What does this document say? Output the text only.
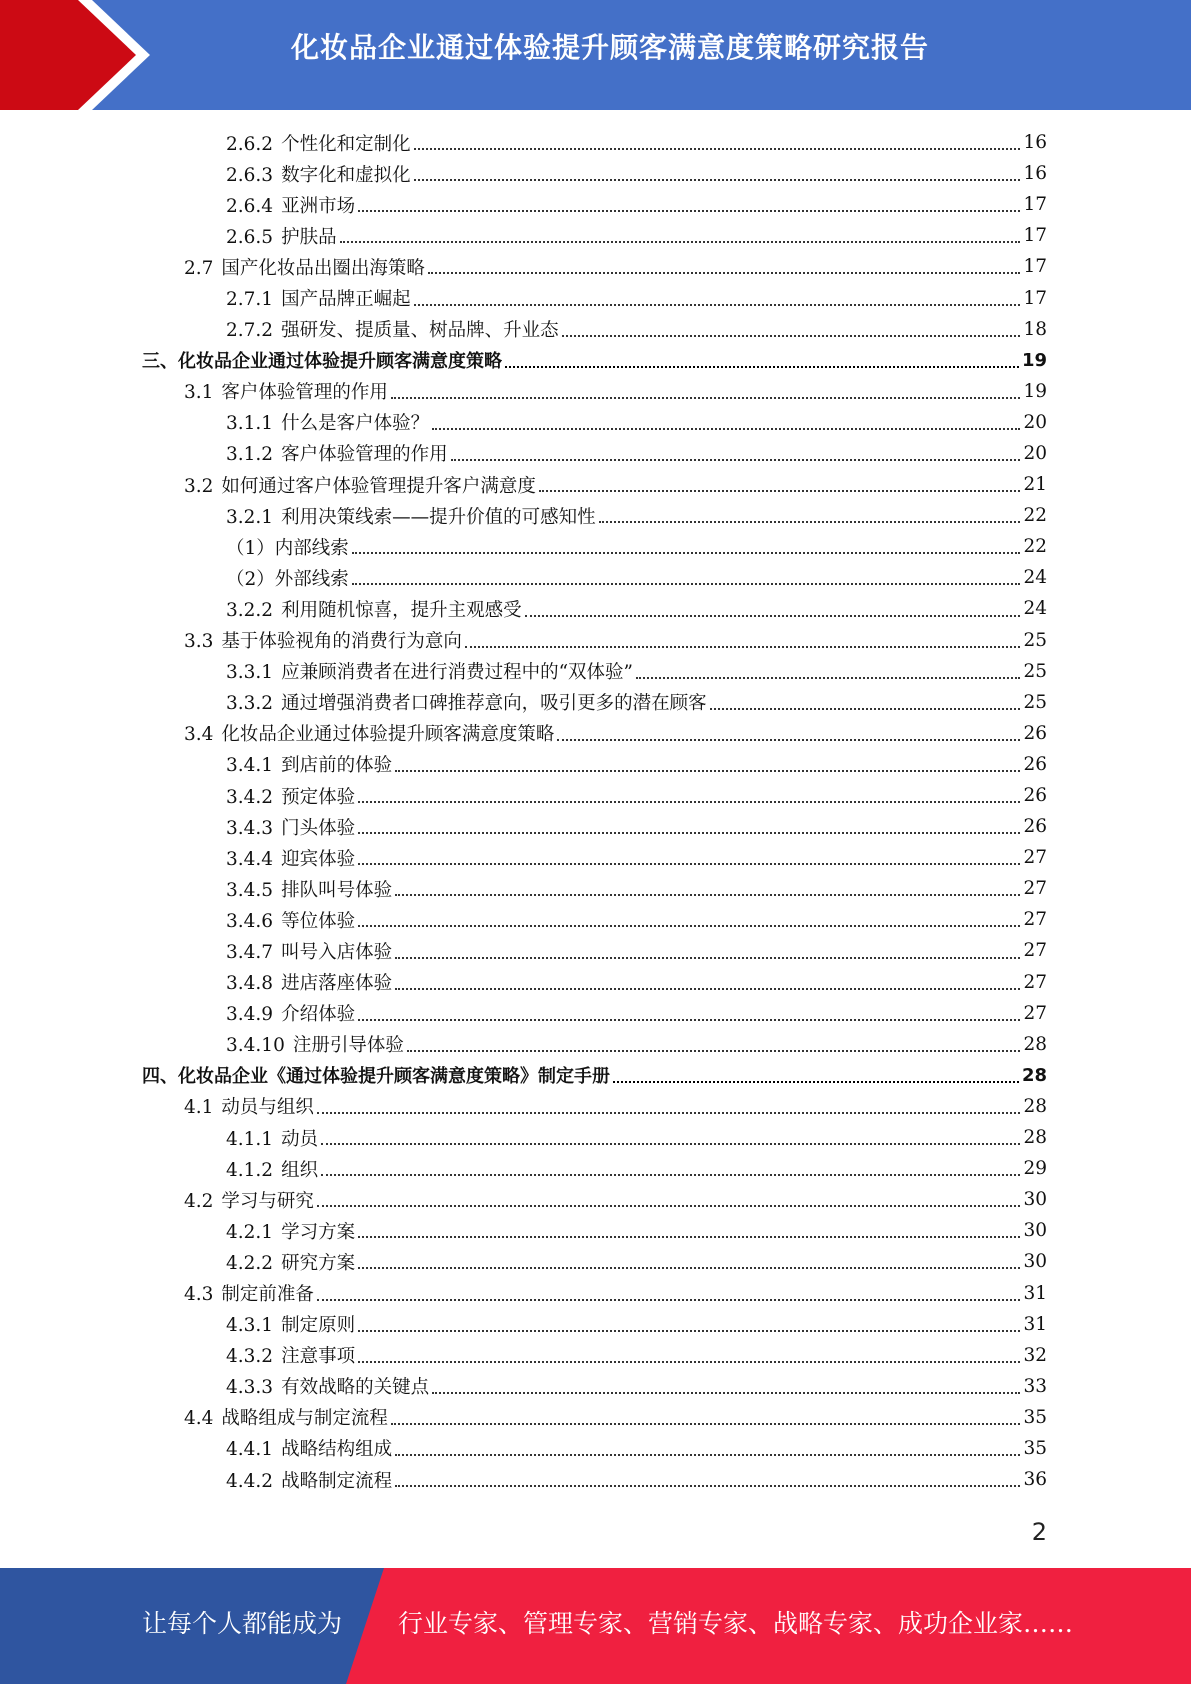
化妆品企业通过体验提升顾客满意度策略研究报告
2.6.2 个性化和定制化	16
2.6.3 数字化和虚拟化	16
2.6.4 亚洲市场	17
2.6.5 护肤品	17
2.7 国产化妆品出圈出海策略	17
2.7.1 国产品牌正崛起	17
2.7.2 强研发、提质量、树品牌、升业态	18
三、化妆品企业通过体验提升顾客满意度策略	19
3.1 客户体验管理的作用	19
3.1.1 什么是客户体验？	20
3.1.2 客户体验管理的作用	20
3.2 如何通过客户体验管理提升客户满意度	21
3.2.1 利用决策线索——提升价值的可感知性	22
（1）内部线索	22
（2）外部线索	24
3.2.2 利用随机惊喜，提升主观感受	24
3.3 基于体验视角的消费行为意向	25
3.3.1 应兼顾消费者在进行消费过程中的“双体验”	25
3.3.2 通过增强消费者口碑推荐意向，吸引更多的潜在顾客	25
3.4 化妆品企业通过体验提升顾客满意度策略	26
3.4.1 到店前的体验	26
3.4.2 预定体验	26
3.4.3 门头体验	26
3.4.4 迎宾体验	27
3.4.5 排队叫号体验	27
3.4.6 等位体验	27
3.4.7 叫号入店体验	27
3.4.8 进店落座体验	27
3.4.9 介绍体验	27
3.4.10 注册引导体验	28
四、化妆品企业《通过体验提升顾客满意度策略》制定手册	28
4.1 动员与组织	28
4.1.1 动员	28
4.1.2 组织	29
4.2 学习与研究	30
4.2.1 学习方案	30
4.2.2 研究方案	30
4.3 制定前准备	31
4.3.1 制定原则	31
4.3.2 注意事项	32
4.3.3 有效战略的关键点	33
4.4 战略组成与制定流程	35
4.4.1 战略结构组成	35
4.4.2 战略制定流程	36
2
让每个人都能成为 行业专家、管理专家、营销专家、战略专家、成功企业家……
